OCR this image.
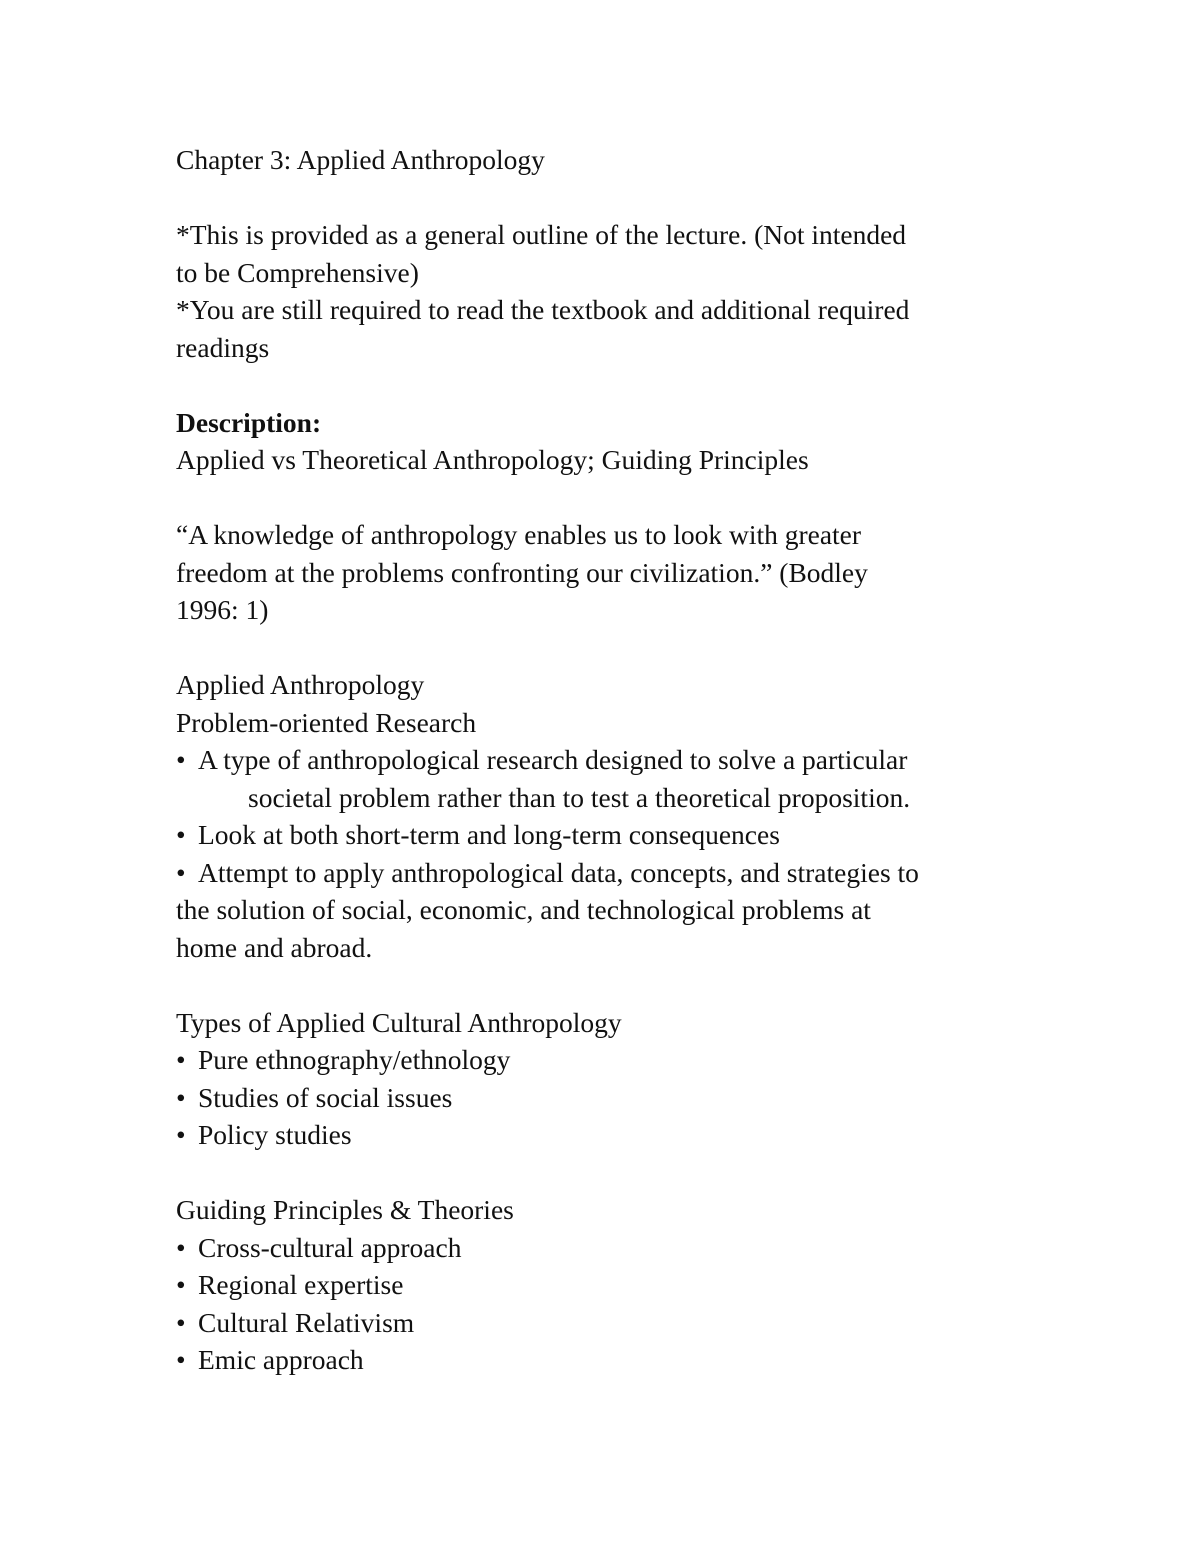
Chapter 3: Applied Anthropology

*This is provided as a general outline of the lecture. (Not intended

to be Comprehensive)

*You are still required to read the textbook and additional required

readings

Description:

Applied vs Theoretical Anthropology; Guiding Principles

“A knowledge of anthropology enables us to look with greater

freedom at the problems confronting our civilization.” (Bodley

1996: 1)

Applied Anthropology

Problem-oriented Research

• A type of anthropological research designed to solve a particular

societal problem rather than to test a theoretical proposition.

• Look at both short-term and long-term consequences

• Attempt to apply anthropological data, concepts, and strategies to

the solution of social, economic, and technological problems at

home and abroad.

Types of Applied Cultural Anthropology

• Pure ethnography/ethnology

• Studies of social issues

• Policy studies

Guiding Principles & Theories

• Cross-cultural approach

• Regional expertise

• Cultural Relativism

• Emic approach
